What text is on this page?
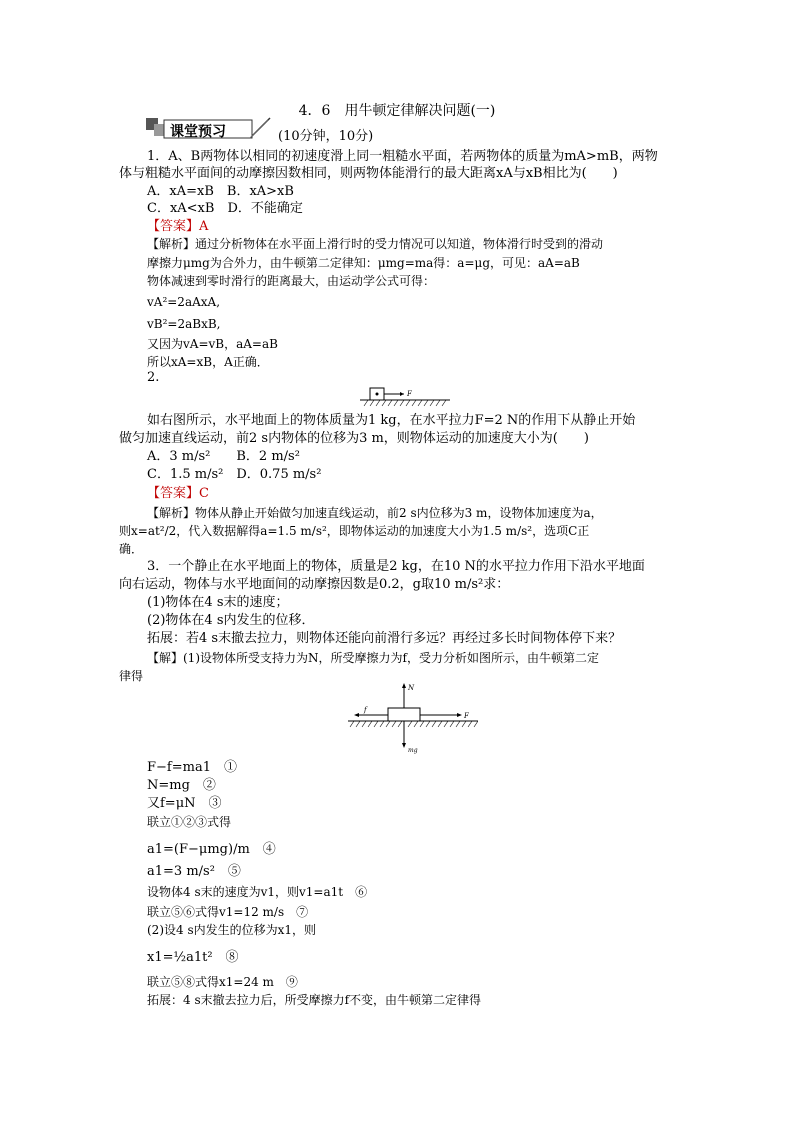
4．6　用牛顿定律解决问题(一)
课堂预习	(10分钟，10分)
1．A、B两物体以相同的初速度滑上同一粗糙水平面，若两物体的质量为mA>mB，两物
体与粗糙水平面间的动摩擦因数相同，则两物体能滑行的最大距离xA与xB相比为(　　)
A．xA=xB　B．xA>xB
C．xA<xB　D．不能确定
【答案】A
【解析】通过分析物体在水平面上滑行时的受力情况可以知道，物体滑行时受到的滑动
摩擦力μmg为合外力，由牛顿第二定律知：μmg=ma得：a=μg，可见：aA=aB
物体减速到零时滑行的距离最大，由运动学公式可得：
vA²=2aAxA,
vB²=2aBxB,
又因为vA=vB，aA=aB
所以xA=xB，A正确．
2.
F
如右图所示，水平地面上的物体质量为1 kg，在水平拉力F=2 N的作用下从静止开始
做匀加速直线运动，前2 s内物体的位移为3 m，则物体运动的加速度大小为(　　)
A．3 m/s²　　B．2 m/s²
C．1.5 m/s²　D．0.75 m/s²
【答案】C
【解析】物体从静止开始做匀加速直线运动，前2 s内位移为3 m，设物体加速度为a，
则x=at²/2，代入数据解得a=1.5 m/s²，即物体运动的加速度大小为1.5 m/s²，选项C正
确．
3．一个静止在水平地面上的物体，质量是2 kg，在10 N的水平拉力作用下沿水平地面
向右运动，物体与水平地面间的动摩擦因数是0.2，g取10 m/s²求：
(1)物体在4 s末的速度；
(2)物体在4 s内发生的位移．
拓展：若4 s末撤去拉力，则物体还能向前滑行多远？再经过多长时间物体停下来？
【解】(1)设物体所受支持力为N，所受摩擦力为f，受力分析如图所示，由牛顿第二定
律得
N
F
f
mg
F−f=ma1　①
N=mg　②
又f=μN　③
联立①②③式得
a1=(F−μmg)/m　④
a1=3 m/s²　⑤
设物体4 s末的速度为v1，则v1=a1t　⑥
联立⑤⑥式得v1=12 m/s　⑦
(2)设4 s内发生的位移为x1，则
x1=½a1t²　⑧
联立⑤⑧式得x1=24 m　⑨
拓展：4 s末撤去拉力后，所受摩擦力f不变，由牛顿第二定律得
